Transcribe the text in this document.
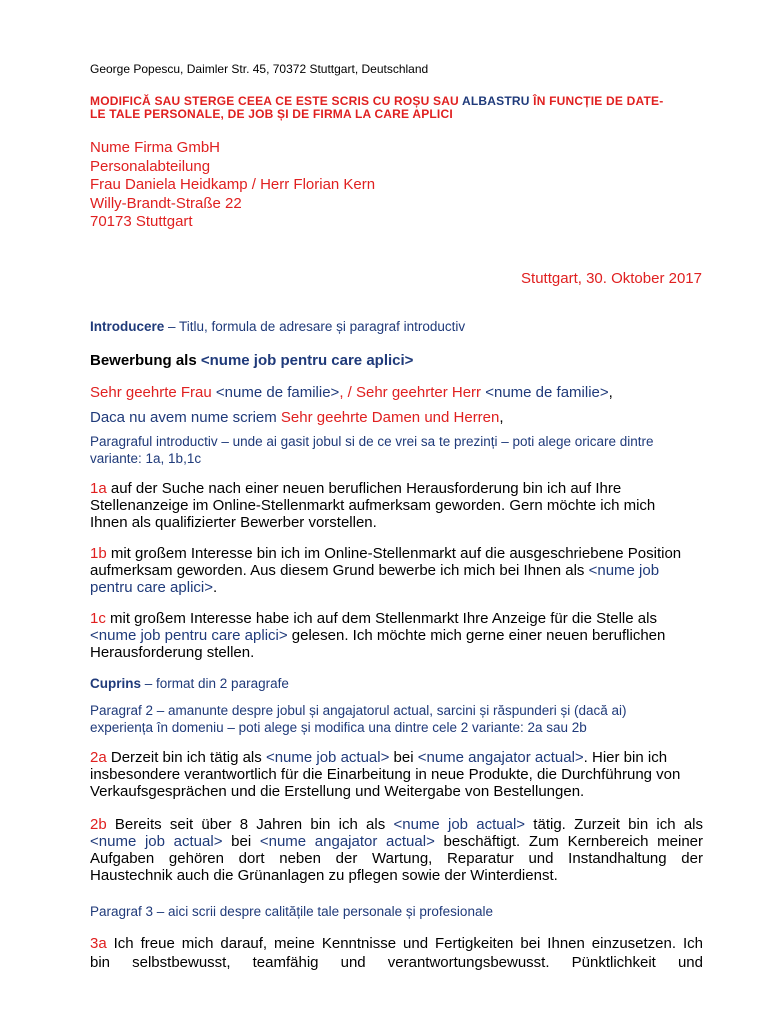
George Popescu, Daimler Str. 45, 70372 Stuttgart, Deutschland
MODIFICĂ SAU STERGE CEEA CE ESTE SCRIS CU ROȘU SAU ALBASTRU ÎN FUNCȚIE DE DATE-
LE TALE PERSONALE, DE JOB ȘI DE FIRMA LA CARE APLICI
Nume Firma GmbH
Personalabteilung
Frau Daniela Heidkamp / Herr Florian Kern
Willy-Brandt-Straße 22
70173 Stuttgart
Stuttgart, 30. Oktober 2017
Introducere – Titlu, formula de adresare și paragraf introductiv
Bewerbung als <nume job pentru care aplici>
Sehr geehrte Frau <nume de familie>, / Sehr geehrter Herr <nume de familie>,
Daca nu avem nume scriem Sehr geehrte Damen und Herren,
Paragraful introductiv – unde ai gasit jobul si de ce vrei sa te prezinți – poti alege oricare dintre
variante: 1a, 1b,1c
1a auf der Suche nach einer neuen beruflichen Herausforderung bin ich auf Ihre
Stellenanzeige im Online-Stellenmarkt aufmerksam geworden. Gern möchte ich mich
Ihnen als qualifizierter Bewerber vorstellen.
1b mit großem Interesse bin ich im Online-Stellenmarkt auf die ausgeschriebene Position
aufmerksam geworden. Aus diesem Grund bewerbe ich mich bei Ihnen als <nume job
pentru care aplici>.
1c mit großem Interesse habe ich auf dem Stellenmarkt Ihre Anzeige für die Stelle als
<nume job pentru care aplici> gelesen. Ich möchte mich gerne einer neuen beruflichen
Herausforderung stellen.
Cuprins – format din 2 paragrafe
Paragraf 2 – amanunte despre jobul și angajatorul actual, sarcini și răspunderi și (dacă ai)
experiența în domeniu – poti alege și modifica una dintre cele 2 variante: 2a sau 2b
2a Derzeit bin ich tätig als <nume job actual> bei <nume angajator actual>. Hier bin ich
insbesondere verantwortlich für die Einarbeitung in neue Produkte, die Durchführung von
Verkaufsgesprächen und die Erstellung und Weitergabe von Bestellungen.
2b Bereits seit über 8 Jahren bin ich als <nume job actual> tätig. Zurzeit bin ich als
<nume job actual> bei <nume angajator actual> beschäftigt. Zum Kernbereich meiner
Aufgaben gehören dort neben der Wartung, Reparatur und Instandhaltung der
Haustechnik auch die Grünanlagen zu pflegen sowie der Winterdienst.
Paragraf 3 – aici scrii despre calitățile tale personale și profesionale
3a Ich freue mich darauf, meine Kenntnisse und Fertigkeiten bei Ihnen einzusetzen. Ich
bin selbstbewusst, teamfähig und verantwortungsbewusst. Pünktlichkeit und
